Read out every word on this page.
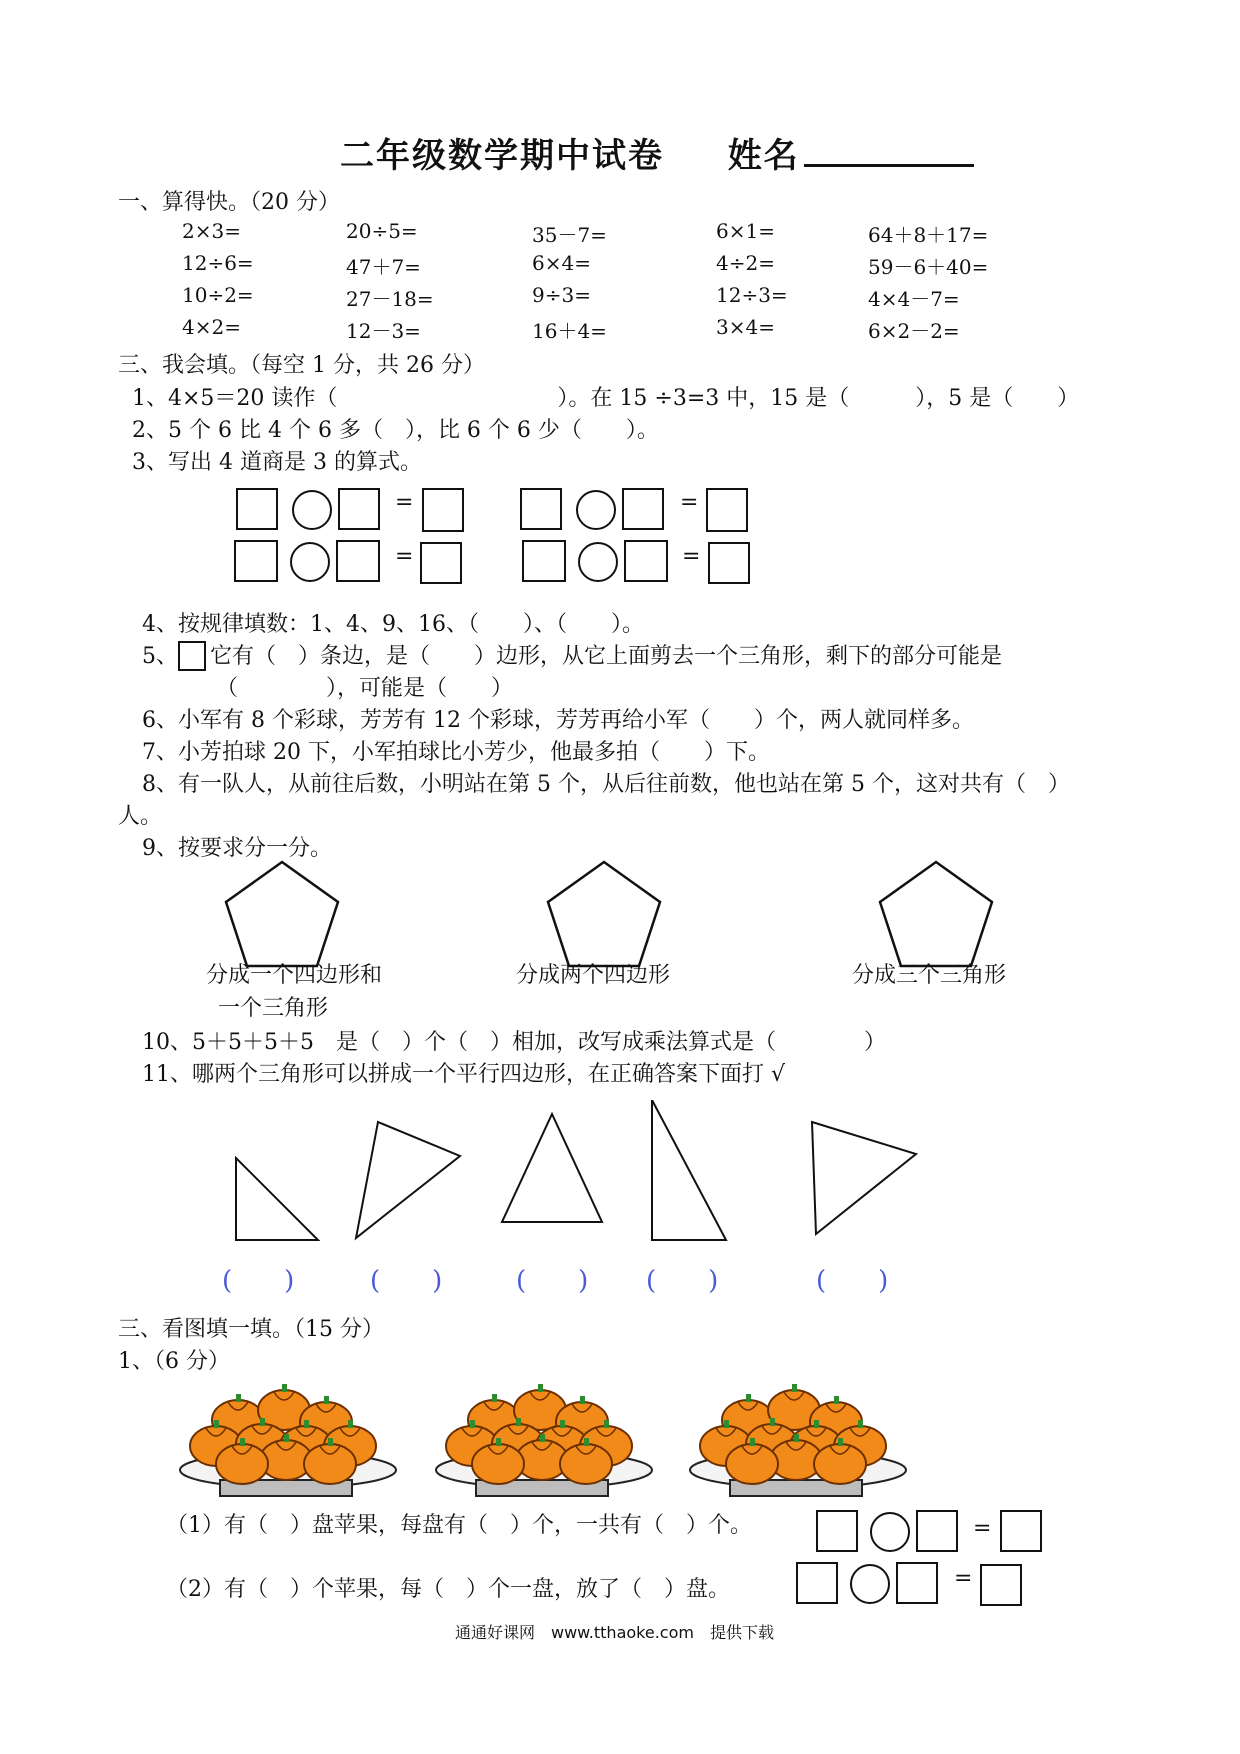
二年级数学期中试卷 姓名
一、算得快。（20 分）
2×3=	20÷5=	35－7=	6×1=	64＋8＋17=
12÷6=	47＋7=	6×4=	4÷2=	59－6＋40=
10÷2=	27－18=	9÷3=	12÷3=	4×4－7=
4×2=	12－3=	16＋4=	3×4=	6×2－2=
三、我会填。（每空 1 分，共 26 分）
1、4×5＝20 读作（　　　　　　　　　　）。在 15 ÷3=3 中，15 是（　　　），5 是（　　）
2、5 个 6 比 4 个 6 多（　），比 6 个 6 少（　　）。
3、写出 4 道商是 3 的算式。
=	=
=	=
4、按规律填数：1、4、9、16、（　　）、（　　）。
5、 它有（　）条边，是（　　）边形，从它上面剪去一个三角形，剩下的部分可能是
（　　　　），可能是（　　）
6、小军有 8 个彩球，芳芳有 12 个彩球，芳芳再给小军（　　）个，两人就同样多。
7、小芳拍球 20 下，小军拍球比小芳少，他最多拍（　　）下。
8、有一队人，从前往后数，小明站在第 5 个，从后往前数，他也站在第 5 个，这对共有（　）
人。
9、按要求分一分。
分成一个四边形和
一个三角形
分成两个四边形	分成三个三角形
10、5＋5＋5＋5　是（　）个（　）相加，改写成乘法算式是（　　　　）
11、哪两个三角形可以拼成一个平行四边形，在正确答案下面打 √
(　　)	(　　)	(　　) (　　)	(　　)
三、看图填一填。（15 分）
1、（6 分）
（1）有（　）盘苹果，每盘有（　）个，一共有（　）个。	=
（2）有（　）个苹果，每（　）个一盘，放了（　）盘。	=
通通好课网　www.tthaoke.com　提供下载
